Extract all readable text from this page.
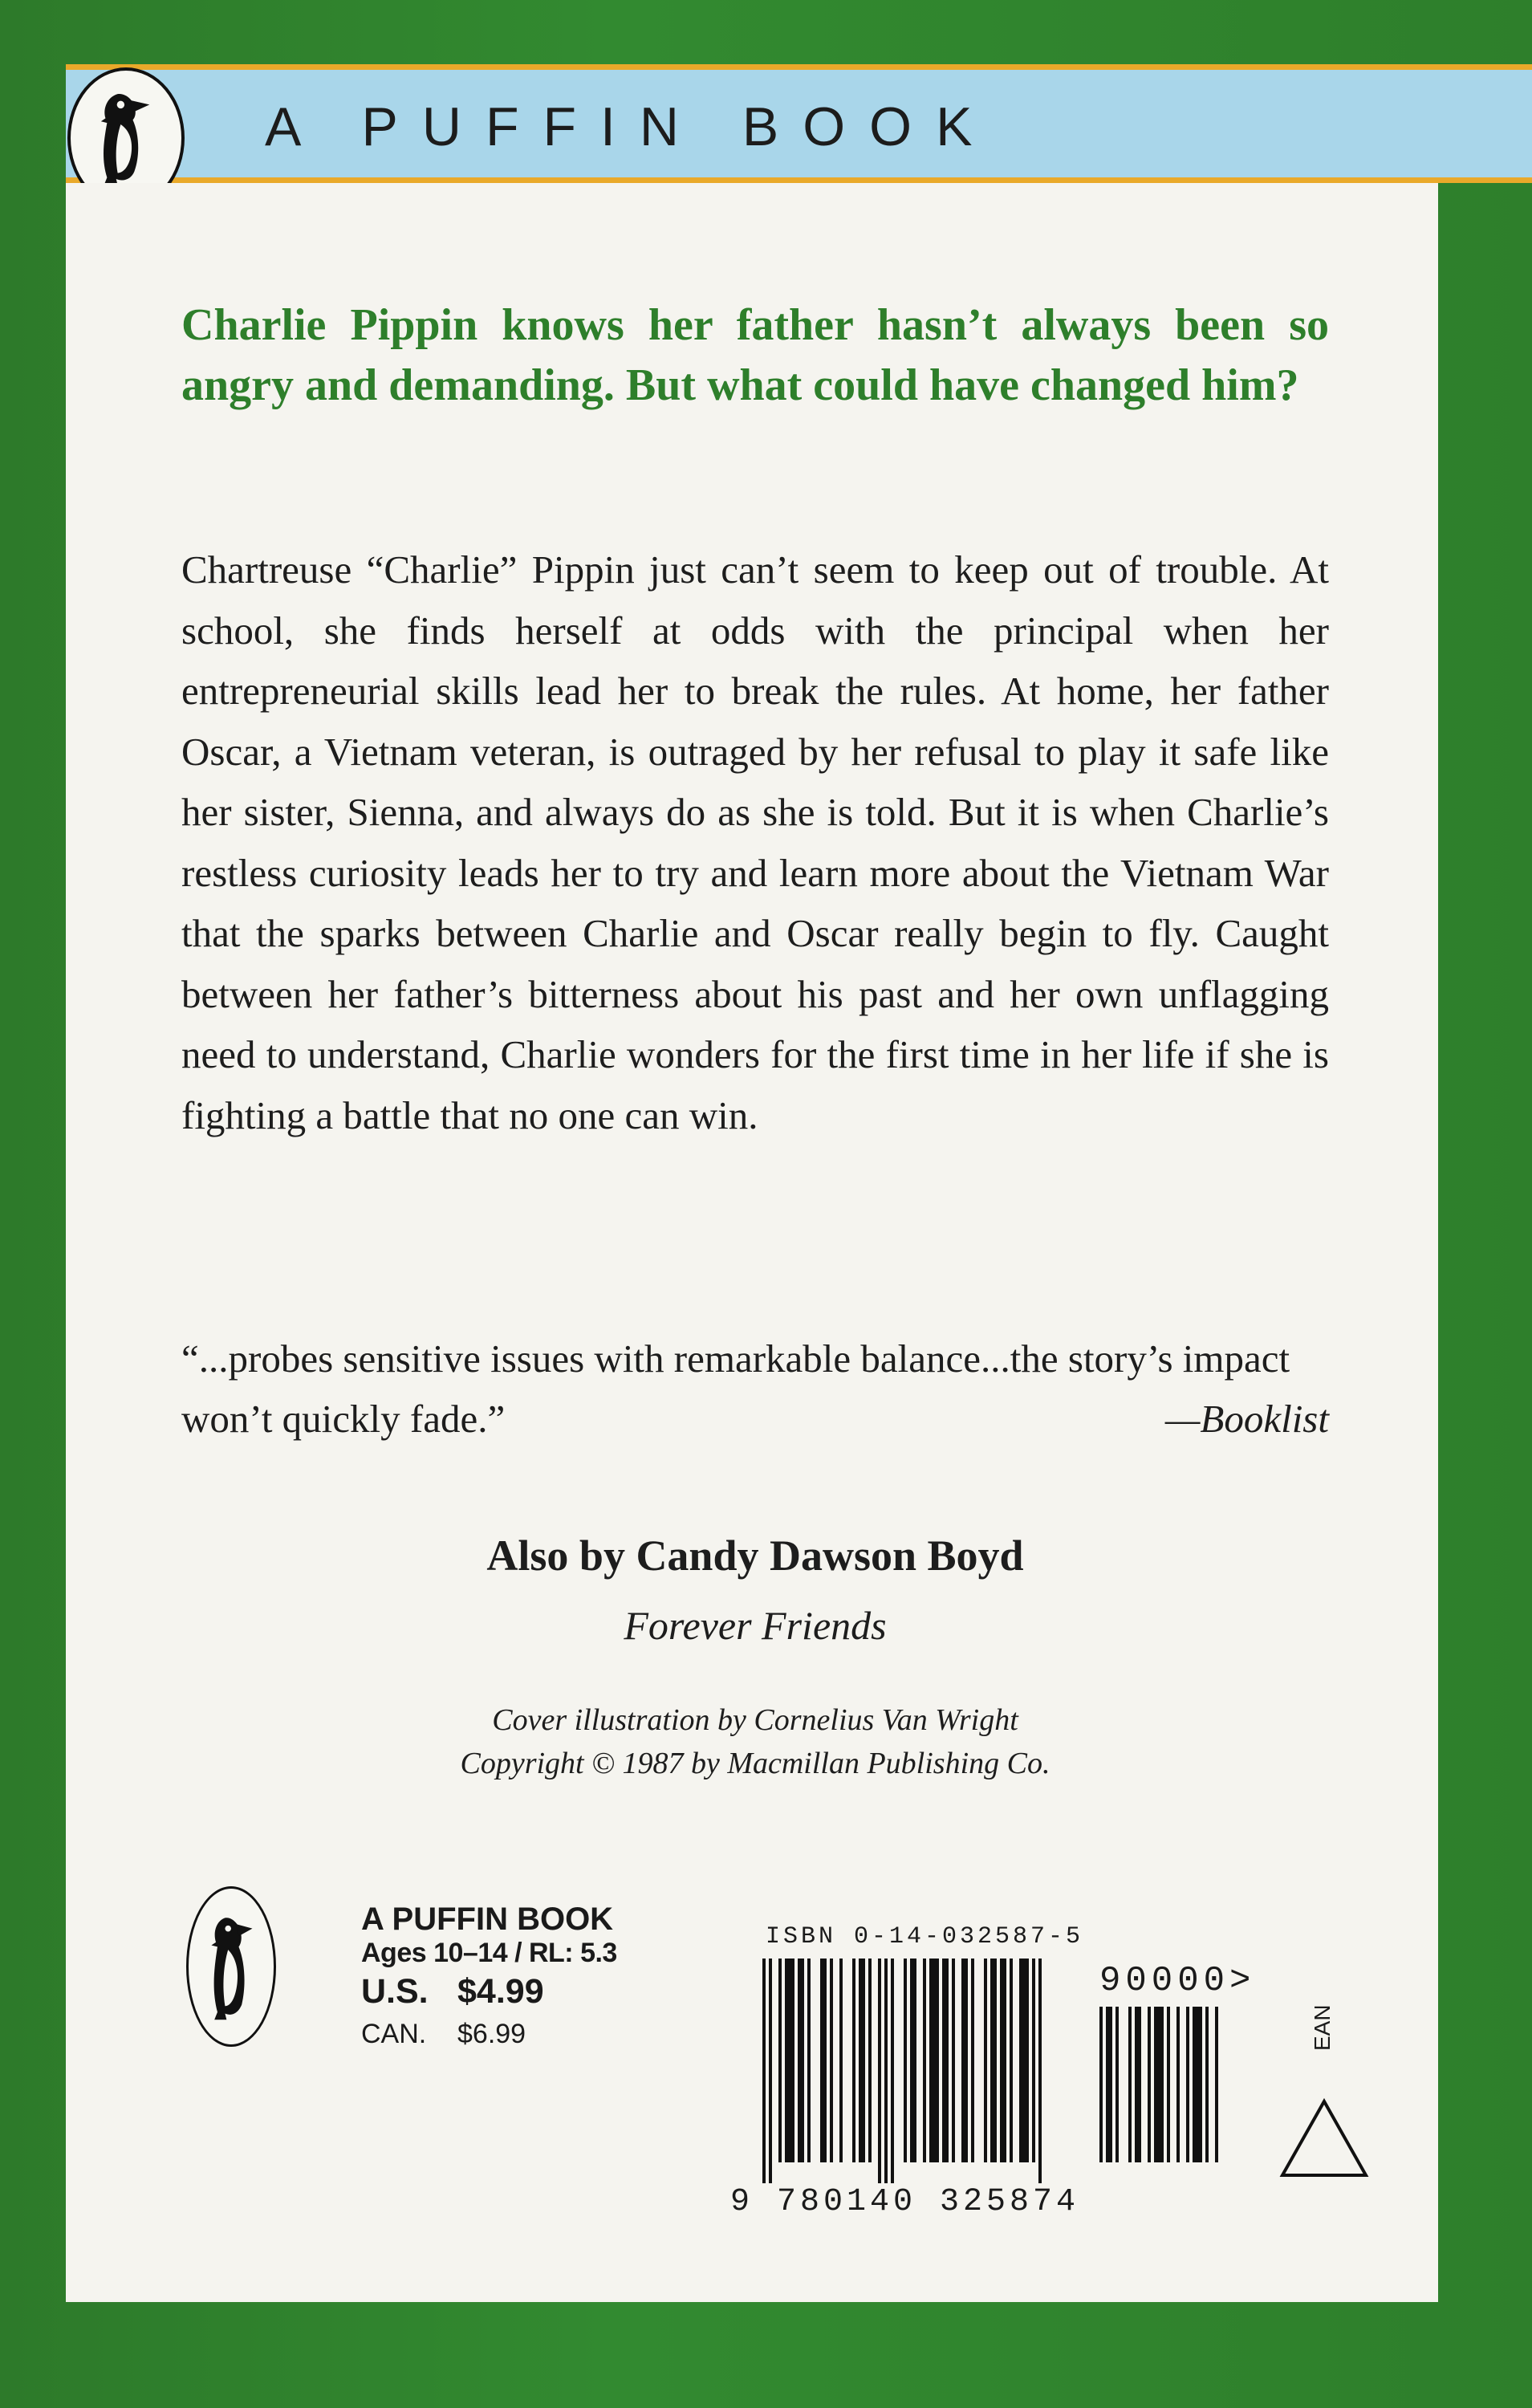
A PUFFIN BOOK

Charlie Pippin knows her father hasn’t always been so angry and demanding. But what could have changed him?

Chartreuse “Charlie” Pippin just can’t seem to keep out of trouble. At school, she finds herself at odds with the principal when her entrepreneurial skills lead her to break the rules. At home, her father Oscar, a Vietnam veteran, is outraged by her refusal to play it safe like her sister, Sienna, and always do as she is told. But it is when Charlie’s restless curiosity leads her to try and learn more about the Vietnam War that the sparks between Charlie and Oscar really begin to fly. Caught between her father’s bitterness about his past and her own unflagging need to understand, Charlie wonders for the first time in her life if she is fighting a battle that no one can win.

“...probes sensitive issues with remarkable balance...the story’s impact won’t quickly fade.”	—Booklist
Also by Candy Dawson Boyd
Forever Friends
Cover illustration by Cornelius Van Wright
Copyright © 1987 by Macmillan Publishing Co.
A PUFFIN BOOK
Ages 10–14 / RL: 5.3
U.S. $4.99
CAN. $6.99
ISBN 0-14-032587-5
90000>
9 780140 325874
EAN
